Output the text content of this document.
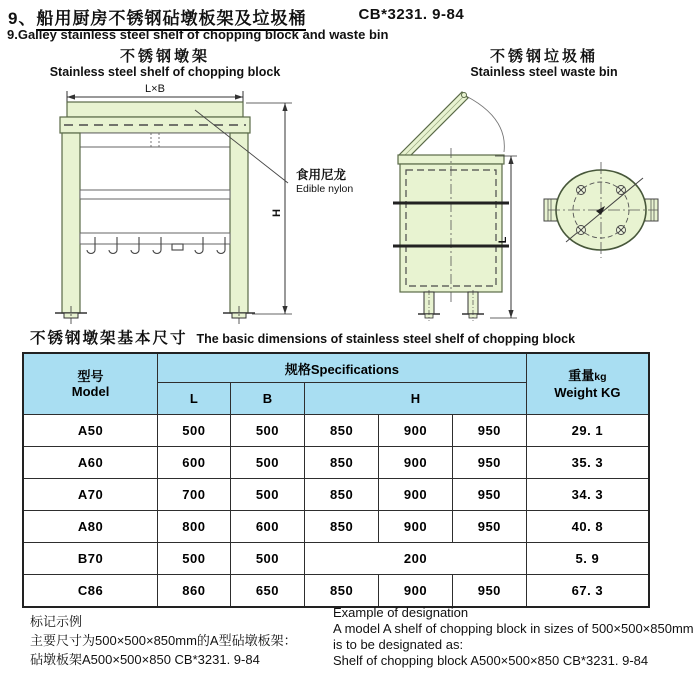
9、船用厨房不锈钢砧墩板架及垃圾桶	CB*3231. 9-84
9.Galley stainless steel shelf of chopping block and waste bin
不锈钢墩架
Stainless steel shelf of chopping block
不锈钢垃圾桶
Stainless steel waste bin
L×B
H
食用尼龙
Edible nylon
L
不锈钢墩架基本尺寸 The basic dimensions of stainless steel shelf of chopping block
型号
Model
	规格Specifications	重量kg
Weight KG

	L	B	H			
A50	500	500	850	900	950	29. 1
A60	600	500	850	900	950	35. 3
A70	700	500	850	900	950	34. 3
A80	800	600	850	900	950	40. 8
B70	500	500	200			5. 9
C86	860	650	850	900	950	67. 3
标记示例
主要尺寸为500×500×850mm的A型砧墩板架：
砧墩板架A500×500×850 CB*3231. 9-84
Example of designation
A model A shelf of chopping block in sizes of 500×500×850mm
is to be designated as:
Shelf of chopping block A500×500×850 CB*3231. 9-84
